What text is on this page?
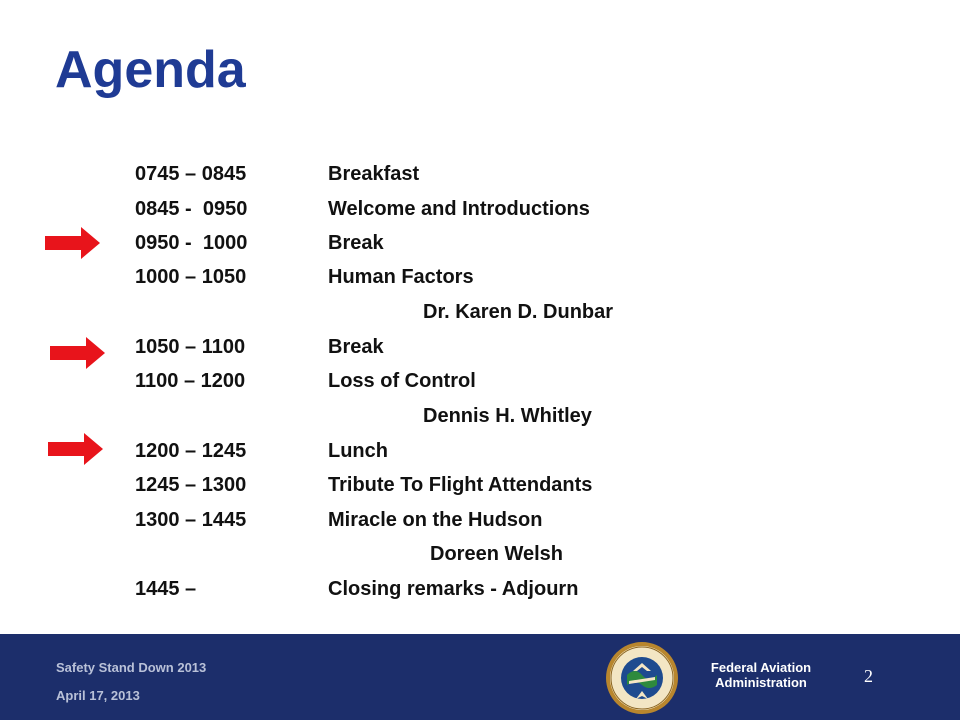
Agenda
0745 – 0845	Breakfast
0845 -  0950	Welcome and Introductions
0950 -  1000	Break
1000 – 1050	Human Factors
Dr. Karen D. Dunbar
1050 – 1100	Break
1100 – 1200	Loss of Control
Dennis H. Whitley
1200 – 1245	Lunch
1245 – 1300	Tribute To Flight Attendants
1300 – 1445	Miracle on the Hudson
Doreen Welsh
1445 –	Closing remarks - Adjourn
Safety Stand Down 2013
April 17, 2013
Federal Aviation
Administration	2
